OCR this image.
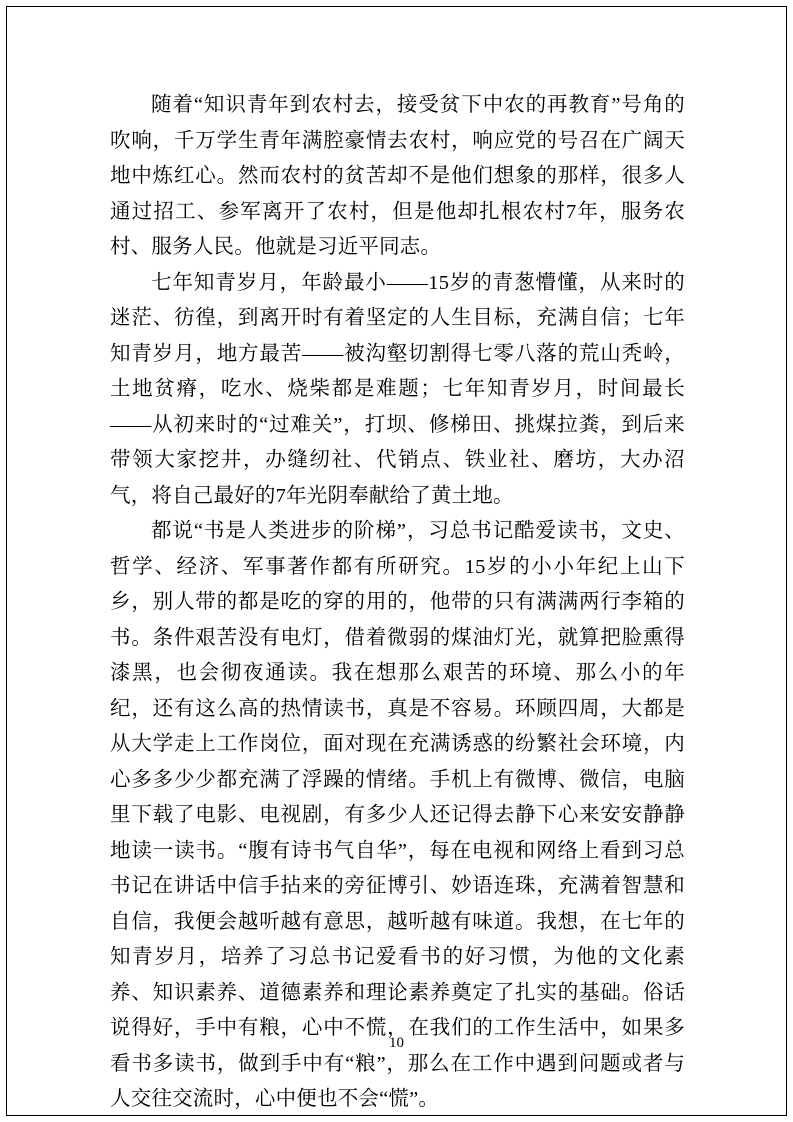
随着“知识青年到农村去，接受贫下中农的再教育”号角的吹响，千万学生青年满腔豪情去农村，响应党的号召在广阔天地中炼红心。然而农村的贫苦却不是他们想象的那样，很多人通过招工、参军离开了农村，但是他却扎根农村7年，服务农村、服务人民。他就是习近平同志。

七年知青岁月，年龄最小——15岁的青葱懵懂，从来时的迷茫、彷徨，到离开时有着坚定的人生目标，充满自信；七年知青岁月，地方最苦——被沟壑切割得七零八落的荒山秃岭，土地贫瘠，吃水、烧柴都是难题；七年知青岁月，时间最长——从初来时的“过难关”，打坝、修梯田、挑煤拉粪，到后来带领大家挖井，办缝纫社、代销点、铁业社、磨坊，大办沼气，将自己最好的7年光阴奉献给了黄土地。

都说“书是人类进步的阶梯”，习总书记酷爱读书，文史、哲学、经济、军事著作都有所研究。15岁的小小年纪上山下乡，别人带的都是吃的穿的用的，他带的只有满满两行李箱的书。条件艰苦没有电灯，借着微弱的煤油灯光，就算把脸熏得漆黑，也会彻夜通读。我在想那么艰苦的环境、那么小的年纪，还有这么高的热情读书，真是不容易。环顾四周，大都是从大学走上工作岗位，面对现在充满诱惑的纷繁社会环境，内心多多少少都充满了浮躁的情绪。手机上有微博、微信，电脑里下载了电影、电视剧，有多少人还记得去静下心来安安静静地读一读书。“腹有诗书气自华”，每在电视和网络上看到习总书记在讲话中信手拈来的旁征博引、妙语连珠，充满着智慧和自信，我便会越听越有意思，越听越有味道。我想，在七年的知青岁月，培养了习总书记爱看书的好习惯，为他的文化素养、知识素养、道德素养和理论素养奠定了扎实的基础。俗话说得好，手中有粮，心中不慌，在我们的工作生活中，如果多看书多读书，做到手中有“粮”，那么在工作中遇到问题或者与人交往交流时，心中便也不会“慌”。

10
